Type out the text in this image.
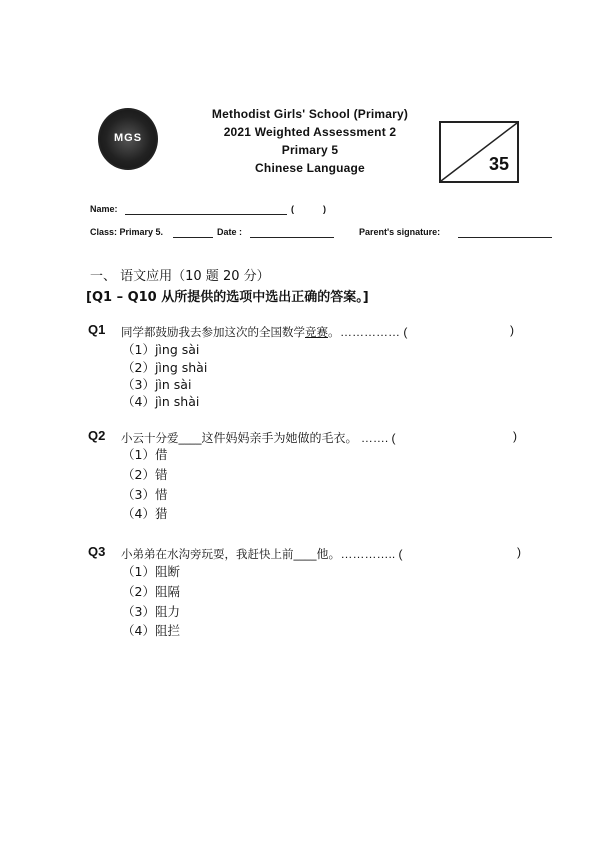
MGS
Methodist Girls' School (Primary)
2021 Weighted Assessment 2
Primary 5
Chinese Language	35
Name:	(	)
Class: Primary 5.	Date :	Parent's signature:
一、 语文应用（10 题 20 分）
[Q1 – Q10 从所提供的选项中选出正确的答案。]
Q1 同学都鼓励我去参加这次的全国数学竞赛。…………… (	)
（1）jìng sài
（2）jìng shài
（3）jìn sài
（4）jìn shài
Q2 小云十分爱____这件妈妈亲手为她做的毛衣。 ……. (	)
（1）借
（2）错
（3）惜
（4）猎
Q3 小弟弟在水沟旁玩耍，我赶快上前____他。………….. (	)
（1）阻断
（2）阻隔
（3）阻力
（4）阻拦
